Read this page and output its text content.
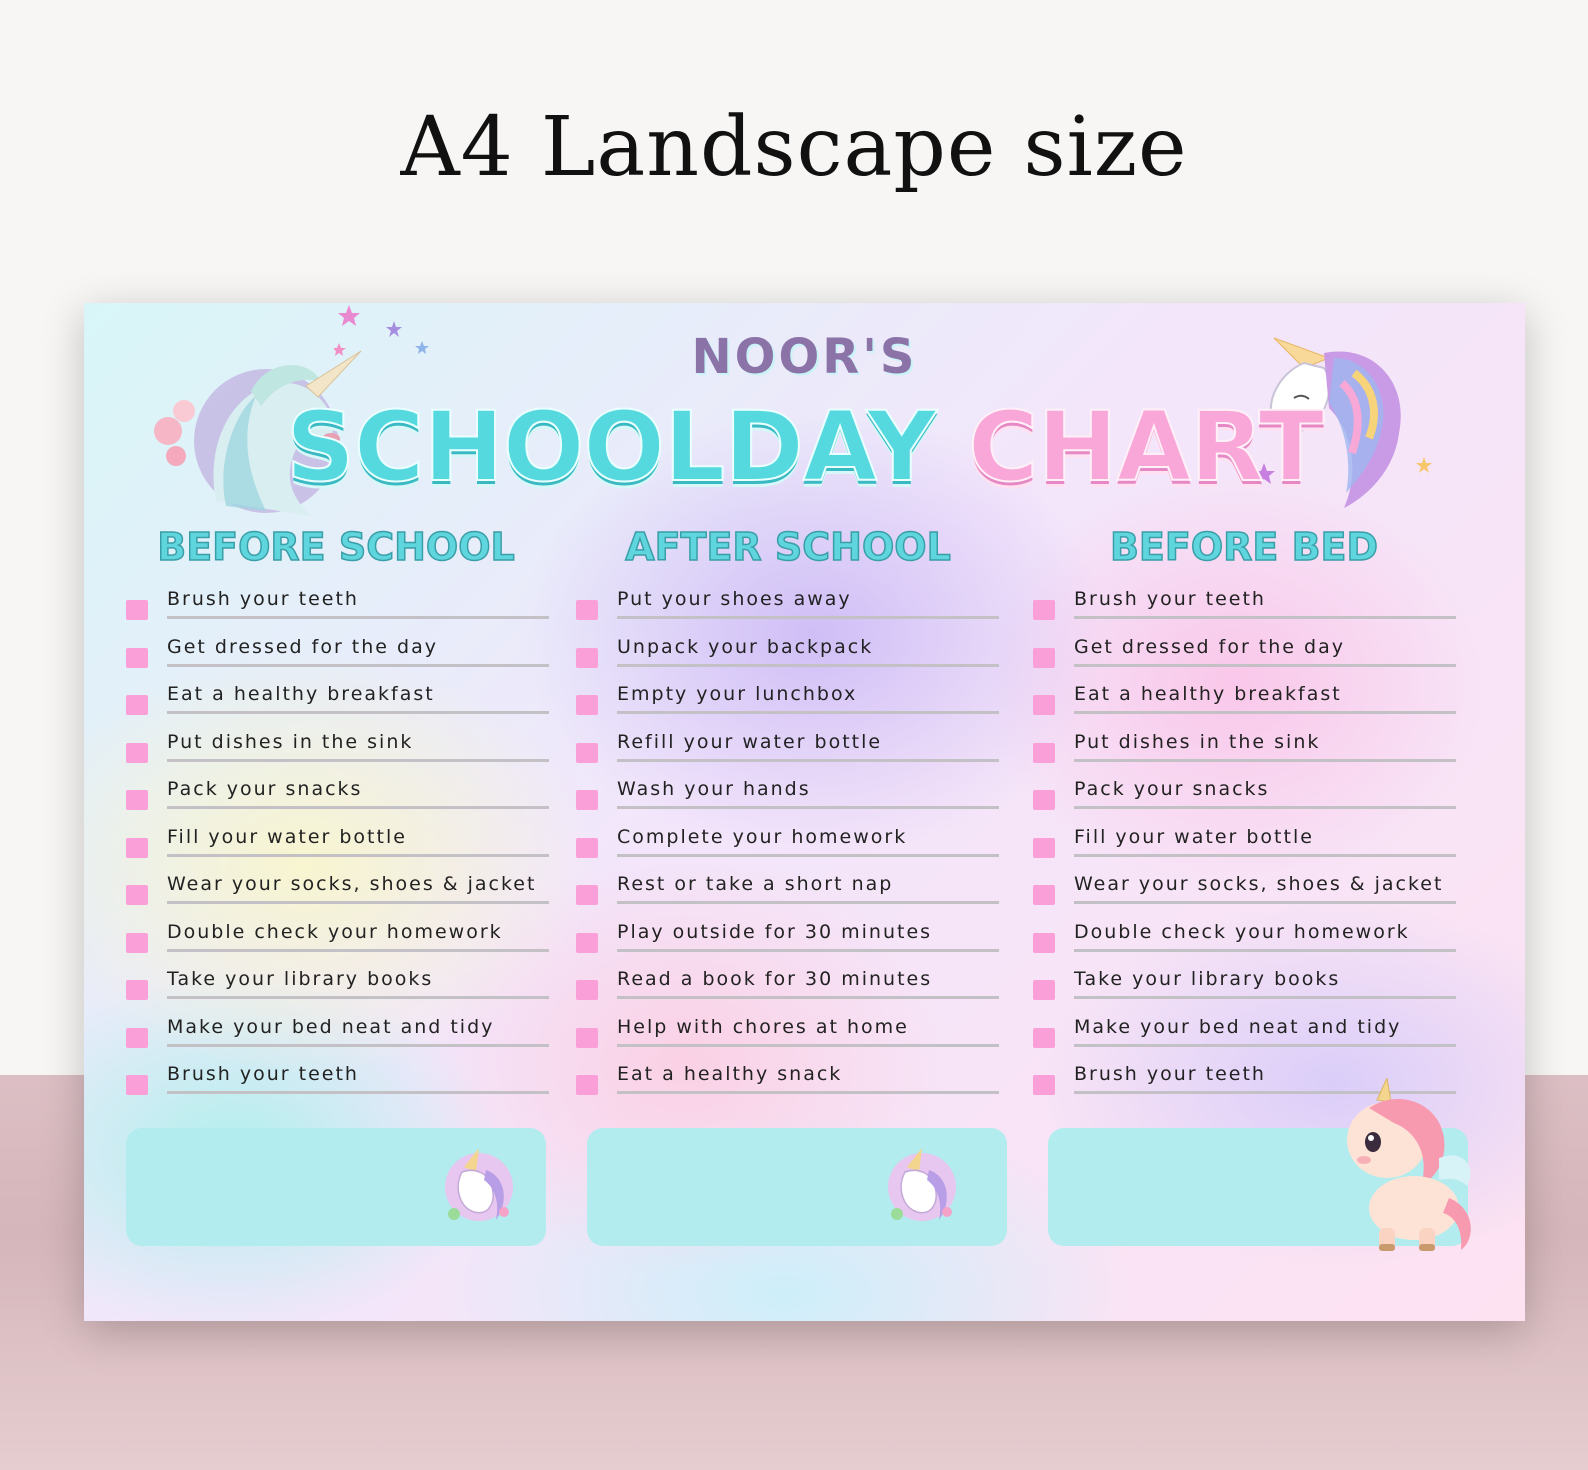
A4 Landscape size
NOOR'S
SCHOOLDAY CHART
BEFORE SCHOOL	AFTER SCHOOL	BEFORE BED
Brush your teeth
Get dressed for the day
Eat a healthy breakfast
Put dishes in the sink
Pack your snacks
Fill your water bottle
Wear your socks, shoes & jacket
Double check your homework
Take your library books
Make your bed neat and tidy
Brush your teeth
Put your shoes away
Unpack your backpack
Empty your lunchbox
Refill your water bottle
Wash your hands
Complete your homework
Rest or take a short nap
Play outside for 30 minutes
Read a book for 30 minutes
Help with chores at home
Eat a healthy snack
Brush your teeth
Get dressed for the day
Eat a healthy breakfast
Put dishes in the sink
Pack your snacks
Fill your water bottle
Wear your socks, shoes & jacket
Double check your homework
Take your library books
Make your bed neat and tidy
Brush your teeth
